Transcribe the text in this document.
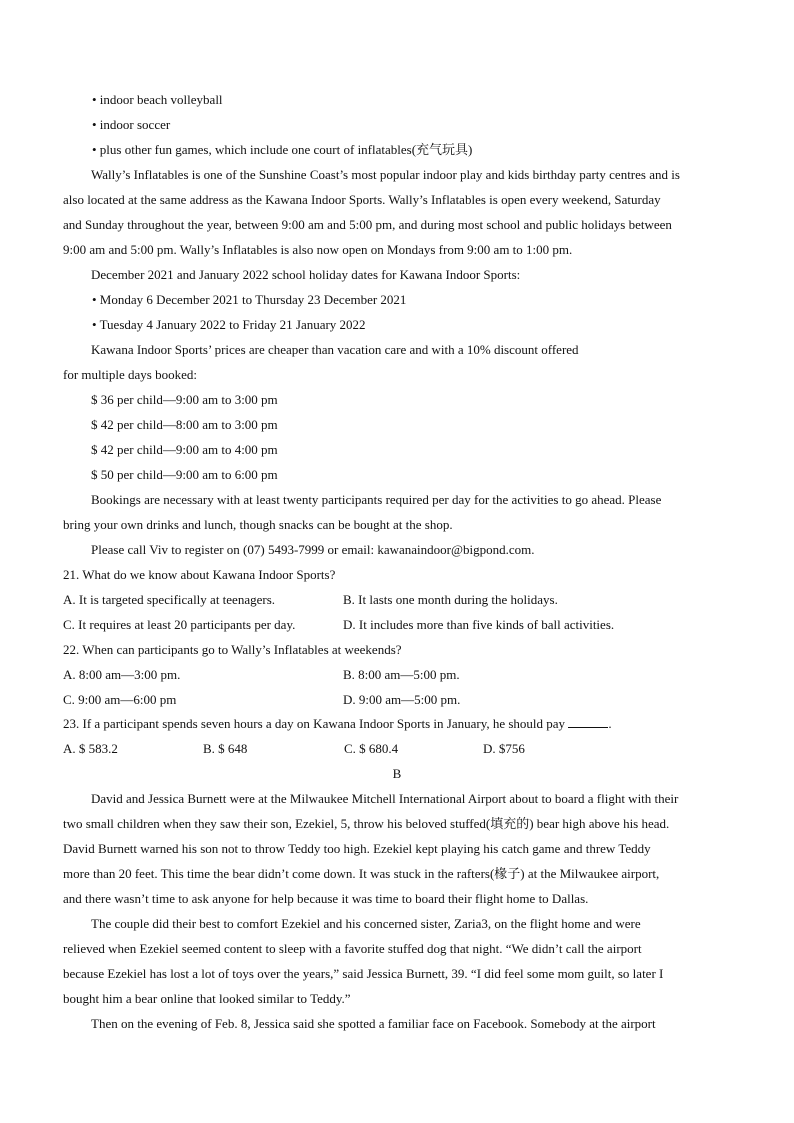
• indoor beach volleyball
• indoor soccer
• plus other fun games, which include one court of inflatables(充气玩具)
Wally’s Inflatables is one of the Sunshine Coast’s most popular indoor play and kids birthday party centres and is
also located at the same address as the Kawana Indoor Sports. Wally’s Inflatables is open every weekend, Saturday
and Sunday throughout the year, between 9:00 am and 5:00 pm, and during most school and public holidays between
9:00 am and 5:00 pm. Wally’s Inflatables is also now open on Mondays from 9:00 am to 1:00 pm.
December 2021 and January 2022 school holiday dates for Kawana Indoor Sports:
• Monday 6 December 2021 to Thursday 23 December 2021
• Tuesday 4 January 2022 to Friday 21 January 2022
Kawana Indoor Sports’ prices are cheaper than vacation care and with a 10% discount offered
for multiple days booked:
$ 36 per child—9:00 am to 3:00 pm
$ 42 per child—8:00 am to 3:00 pm
$ 42 per child—9:00 am to 4:00 pm
$ 50 per child—9:00 am to 6:00 pm
Bookings are necessary with at least twenty participants required per day for the activities to go ahead. Please
bring your own drinks and lunch, though snacks can be bought at the shop.
Please call Viv to register on (07) 5493-7999 or email: kawanaindoor@bigpond.com.
21. What do we know about Kawana Indoor Sports?
A. It is targeted specifically at teenagers.	B. It lasts one month during the holidays.
C. It requires at least 20 participants per day.	D. It includes more than five kinds of ball activities.
22. When can participants go to Wally’s Inflatables at weekends?
A. 8:00 am—3:00 pm.	B. 8:00 am—5:00 pm.
C. 9:00 am—6:00 pm	D. 9:00 am—5:00 pm.
23. If a participant spends seven hours a day on Kawana Indoor Sports in January, he should pay	.
A. $ 583.2	B. $ 648	C. $ 680.4	D. $756
B
David and Jessica Burnett were at the Milwaukee Mitchell International Airport about to board a flight with their
two small children when they saw their son, Ezekiel, 5, throw his beloved stuffed(填充的) bear high above his head.
David Burnett warned his son not to throw Teddy too high. Ezekiel kept playing his catch game and threw Teddy
more than 20 feet. This time the bear didn’t come down. It was stuck in the rafters(椽子) at the Milwaukee airport,
and there wasn’t time to ask anyone for help because it was time to board their flight home to Dallas.
The couple did their best to comfort Ezekiel and his concerned sister, Zaria3, on the flight home and were
relieved when Ezekiel seemed content to sleep with a favorite stuffed dog that night. “We didn’t call the airport
because Ezekiel has lost a lot of toys over the years,” said Jessica Burnett, 39. “I did feel some mom guilt, so later I
bought him a bear online that looked similar to Teddy.”
Then on the evening of Feb. 8, Jessica said she spotted a familiar face on Facebook. Somebody at the airport
